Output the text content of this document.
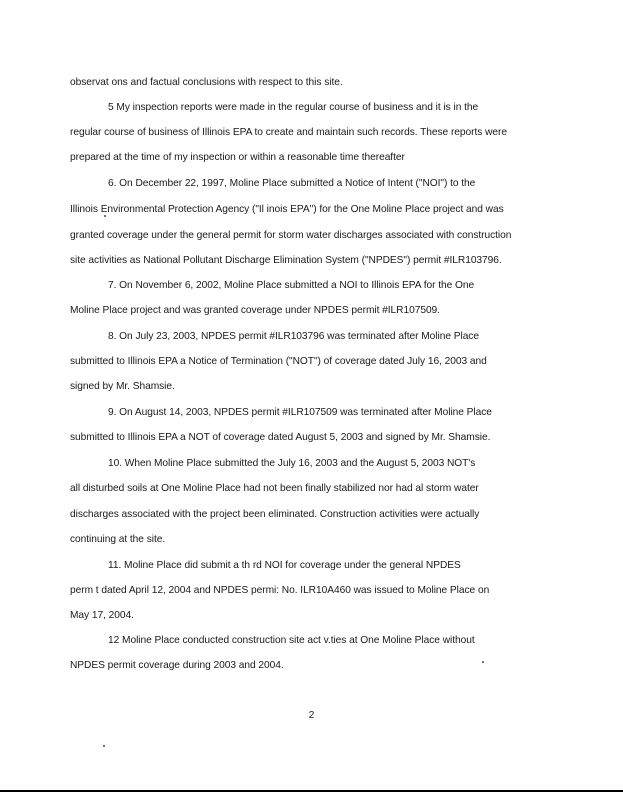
observat ons and factual conclusions with respect to this site.
5 My inspection reports were made in the regular course of business and it is in the
regular course of business of Illinois EPA to create and maintain such records. These reports were
prepared at the time of my inspection or within a reasonable time thereafter
6. On December 22, 1997, Moline Place submitted a Notice of Intent ("NOI") to the
Illinois Environmental Protection Agency ("Il inois EPA") for the One Moline Place project and was
granted coverage under the general permit for storm water discharges associated with construction
site activities as National Pollutant Discharge Elimination System ("NPDES") permit #ILR103796.
7. On November 6, 2002, Moline Place submitted a NOI to Illinois EPA for the One
Moline Place project and was granted coverage under NPDES permit #ILR107509.
8. On July 23, 2003, NPDES permit #ILR103796 was terminated after Moline Place
submitted to Illinois EPA a Notice of Termination ("NOT") of coverage dated July 16, 2003 and
signed by Mr. Shamsie.
9. On August 14, 2003, NPDES permit #ILR107509 was terminated after Moline Place
submitted to Illinois EPA a NOT of coverage dated August 5, 2003 and signed by Mr. Shamsie.
10. When Moline Place submitted the July 16, 2003 and the August 5, 2003 NOT's
all disturbed soils at One Moline Place had not been finally stabilized nor had al storm water
discharges associated with the project been eliminated. Construction activities were actually
continuing at the site.
11. Moline Place did submit a th rd NOI for coverage under the general NPDES
perm t dated April 12, 2004 and NPDES permi: No. ILR10A460 was issued to Moline Place on
May 17, 2004.
12 Moline Place conducted construction site act v.ties at One Moline Place without
NPDES permit coverage during 2003 and 2004.
2
